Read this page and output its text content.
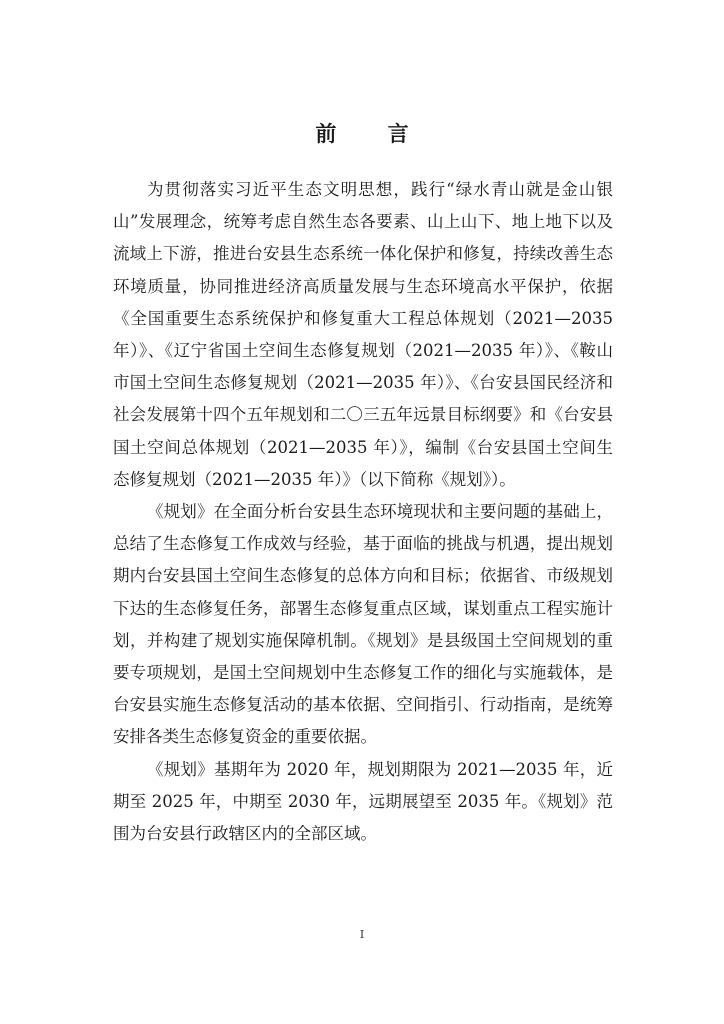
前 言

为贯彻落实习近平生态文明思想，践行“绿水青山就是金山银山”发展理念，统筹考虑自然生态各要素、山上山下、地上地下以及流域上下游，推进台安县生态系统一体化保护和修复，持续改善生态环境质量，协同推进经济高质量发展与生态环境高水平保护，依据《全国重要生态系统保护和修复重大工程总体规划（2021—2035 年）》、《辽宁省国土空间生态修复规划（2021—2035 年）》、《鞍山市国土空间生态修复规划（2021—2035 年）》、《台安县国民经济和社会发展第十四个五年规划和二〇三五年远景目标纲要》和《台安县国土空间总体规划（2021—2035 年）》，编制《台安县国土空间生态修复规划（2021—2035 年）》（以下简称《规划》）。

《规划》在全面分析台安县生态环境现状和主要问题的基础上，总结了生态修复工作成效与经验，基于面临的挑战与机遇，提出规划期内台安县国土空间生态修复的总体方向和目标；依据省、市级规划下达的生态修复任务，部署生态修复重点区域，谋划重点工程实施计划，并构建了规划实施保障机制。《规划》是县级国土空间规划的重要专项规划，是国土空间规划中生态修复工作的细化与实施载体，是台安县实施生态修复活动的基本依据、空间指引、行动指南，是统筹安排各类生态修复资金的重要依据。

《规划》基期年为 2020 年，规划期限为 2021—2035 年，近期至 2025 年，中期至 2030 年，远期展望至 2035 年。《规划》范围为台安县行政辖区内的全部区域。

I
